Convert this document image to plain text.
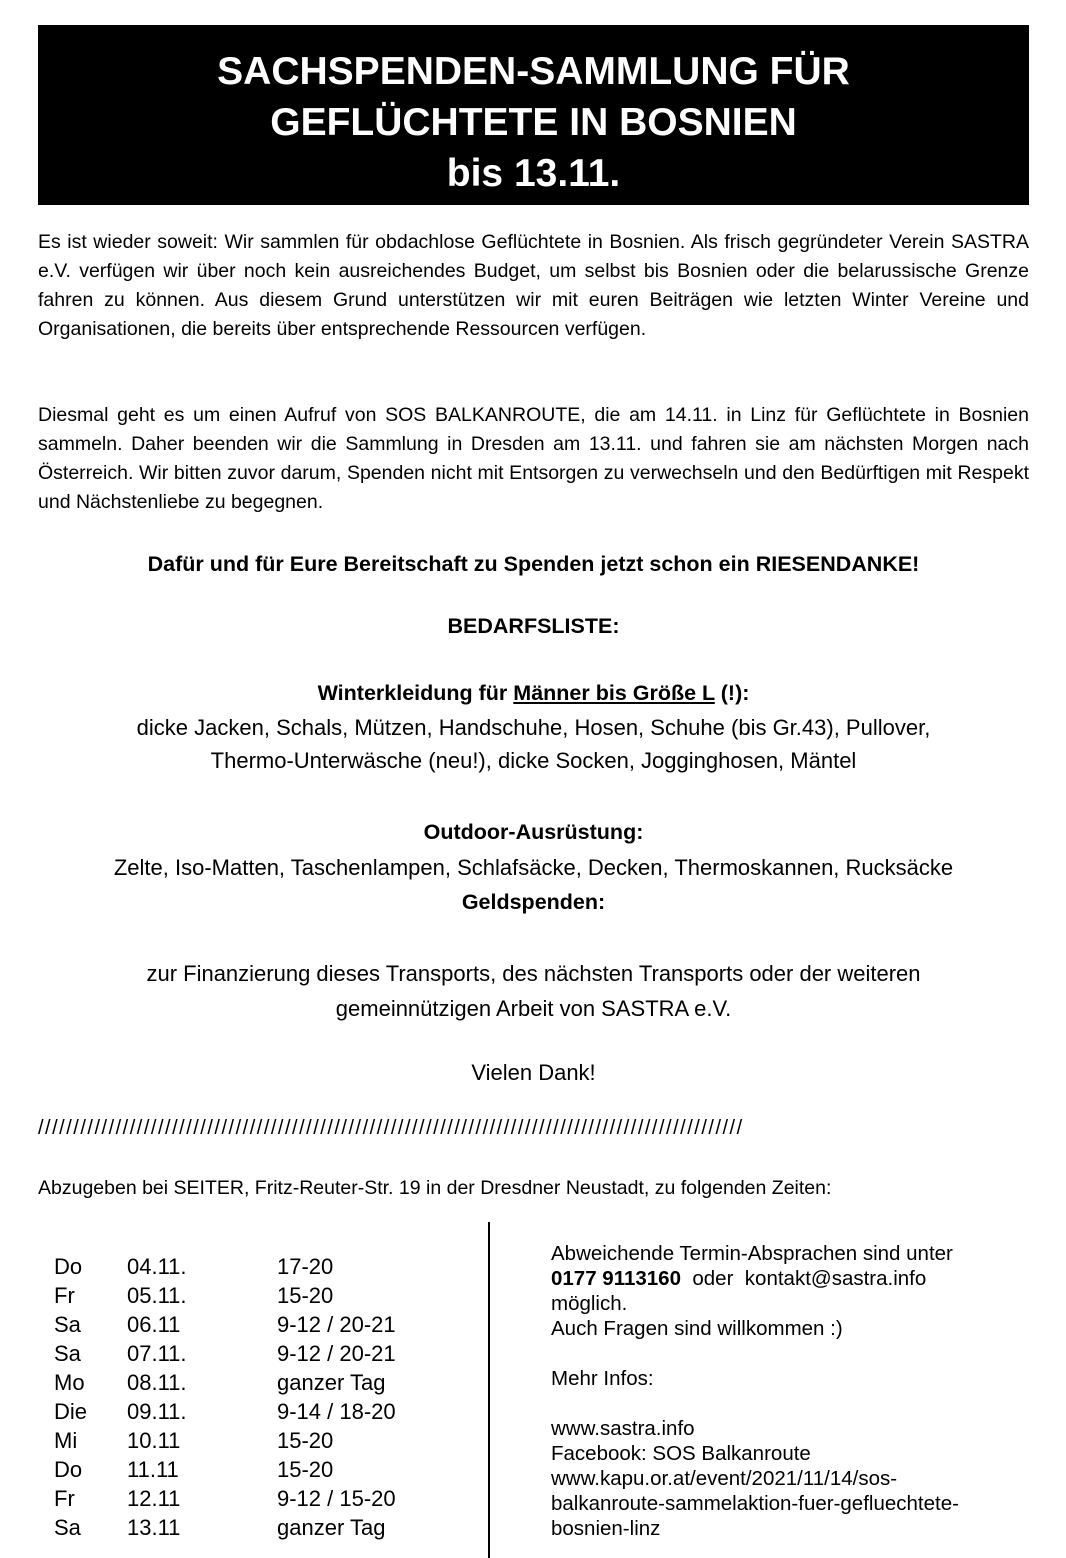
SACHSPENDEN-SAMMLUNG FÜR
GEFLÜCHTETE IN BOSNIEN
bis 13.11.
Es ist wieder soweit: Wir sammlen für obdachlose Geflüchtete in Bosnien. Als frisch gegründeter Verein SASTRA e.V. verfügen wir über noch kein ausreichendes Budget, um selbst bis Bosnien oder die belarussische Grenze fahren zu können. Aus diesem Grund unterstützen wir mit euren Beiträgen wie letzten Winter Vereine und Organisationen, die bereits über entsprechende Ressourcen verfügen.
Diesmal geht es um einen Aufruf von SOS BALKANROUTE, die am 14.11. in Linz für Geflüchtete in Bosnien sammeln. Daher beenden wir die Sammlung in Dresden am 13.11. und fahren sie am nächsten Morgen nach Österreich. Wir bitten zuvor darum, Spenden nicht mit Entsorgen zu verwechseln und den Bedürftigen mit Respekt und Nächstenliebe zu begegnen.
Dafür und für Eure Bereitschaft zu Spenden jetzt schon ein RIESENDANKE!
BEDARFSLISTE:
Winterkleidung für Männer bis Größe L (!):
dicke Jacken, Schals, Mützen, Handschuhe, Hosen, Schuhe (bis Gr.43), Pullover,
Thermo-Unterwäsche (neu!), dicke Socken, Jogginghosen, Mäntel
Outdoor-Ausrüstung:
Zelte, Iso-Matten, Taschenlampen, Schlafsäcke, Decken, Thermoskannen, Rucksäcke
Geldspenden:
zur Finanzierung dieses Transports, des nächsten Transports oder der weiteren
gemeinnützigen Arbeit von SASTRA e.V.
Vielen Dank!
////////////////////////////////////////////////////////////////////////////////////////////////////
Abzugeben bei SEITER, Fritz-Reuter-Str. 19 in der Dresdner Neustadt, zu folgenden Zeiten:
Do	04.11.	17-20
Fr	05.11.	15-20
Sa	06.11	9-12 / 20-21
Sa	07.11.	9-12 / 20-21
Mo	08.11.	ganzer Tag
Die	09.11.	9-14 / 18-20
Mi	10.11	15-20
Do	11.11	15-20
Fr	12.11	9-12 / 15-20
Sa	13.11	ganzer Tag
Abweichende Termin-Absprachen sind unter
0177 9113160  oder  kontakt@sastra.info
möglich.
Auch Fragen sind willkommen :)
Mehr Infos:
www.sastra.info
Facebook: SOS Balkanroute
www.kapu.or.at/event/2021/11/14/sos-
balkanroute-sammelaktion-fuer-gefluechtete-
bosnien-linz
